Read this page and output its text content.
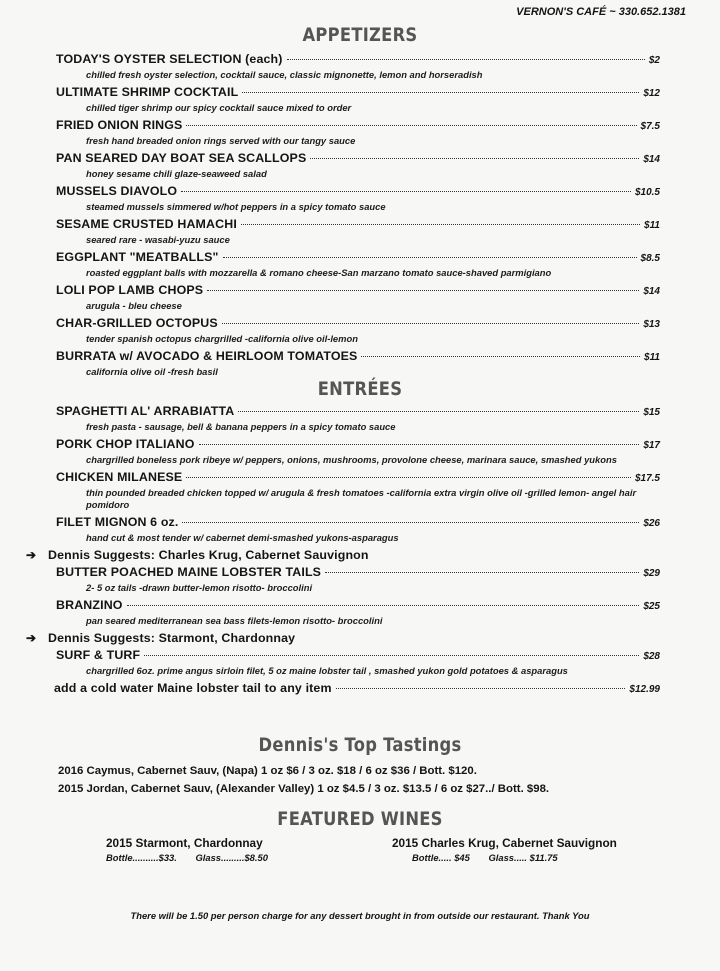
VERNON'S CAFÉ ~ 330.652.1381
APPETIZERS
TODAY'S OYSTER SELECTION (each)	$2
chilled fresh oyster selection, cocktail sauce, classic mignonette, lemon and horseradish
ULTIMATE SHRIMP COCKTAIL	$12
chilled tiger shrimp our spicy cocktail sauce mixed to order
FRIED ONION RINGS	$7.5
fresh hand breaded onion rings served with our tangy sauce
PAN SEARED DAY BOAT SEA SCALLOPS	$14
honey sesame chili glaze-seaweed salad
MUSSELS DIAVOLO	$10.5
steamed mussels simmered w/hot peppers in a spicy tomato sauce
SESAME CRUSTED HAMACHI	$11
seared rare - wasabi-yuzu sauce
EGGPLANT "MEATBALLS"	$8.5
roasted eggplant balls with mozzarella & romano cheese-San marzano tomato sauce-shaved parmigiano
LOLI POP LAMB CHOPS	$14
arugula - bleu cheese
CHAR-GRILLED OCTOPUS	$13
tender spanish octopus chargrilled -california olive oil-lemon
BURRATA w/ AVOCADO & HEIRLOOM TOMATOES	$11
california olive oil -fresh basil
ENTRÉES
SPAGHETTI AL' ARRABIATTA	$15
fresh pasta - sausage, bell & banana peppers in a spicy tomato sauce
PORK CHOP ITALIANO	$17
chargrilled boneless pork ribeye w/ peppers, onions, mushrooms, provolone cheese, marinara sauce, smashed yukons
CHICKEN MILANESE	$17.5
thin pounded breaded chicken topped w/ arugula & fresh tomatoes -california extra virgin olive oil -grilled lemon- angel hair pomidoro
FILET MIGNON 6 oz.	$26
hand cut & most tender w/ cabernet demi-smashed yukons-asparagus
➔ Dennis Suggests: Charles Krug, Cabernet Sauvignon
BUTTER POACHED MAINE LOBSTER TAILS	$29
2- 5 oz tails -drawn butter-lemon risotto- broccolini
BRANZINO	$25
pan seared mediterranean sea bass filets-lemon risotto- broccolini
➔ Dennis Suggests: Starmont, Chardonnay
SURF & TURF	$28
chargrilled 6oz. prime angus sirloin filet, 5 oz maine lobster tail , smashed yukon gold potatoes & asparagus
add a cold water Maine lobster tail to any item	$12.99
Dennis's Top Tastings
2016 Caymus, Cabernet Sauv, (Napa) 1 oz $6 / 3 oz. $18 / 6 oz $36 / Bott. $120.
2015 Jordan, Cabernet Sauv, (Alexander Valley) 1 oz $4.5 / 3 oz. $13.5 / 6 oz $27../ Bott. $98.
FEATURED WINES
2015 Starmont, Chardonnay
Bottle..........$33. Glass.........$8.50
2015 Charles Krug, Cabernet Sauvignon
Bottle..... $45 Glass..... $11.75
There will be 1.50 per person charge for any dessert brought in from outside our restaurant. Thank You
